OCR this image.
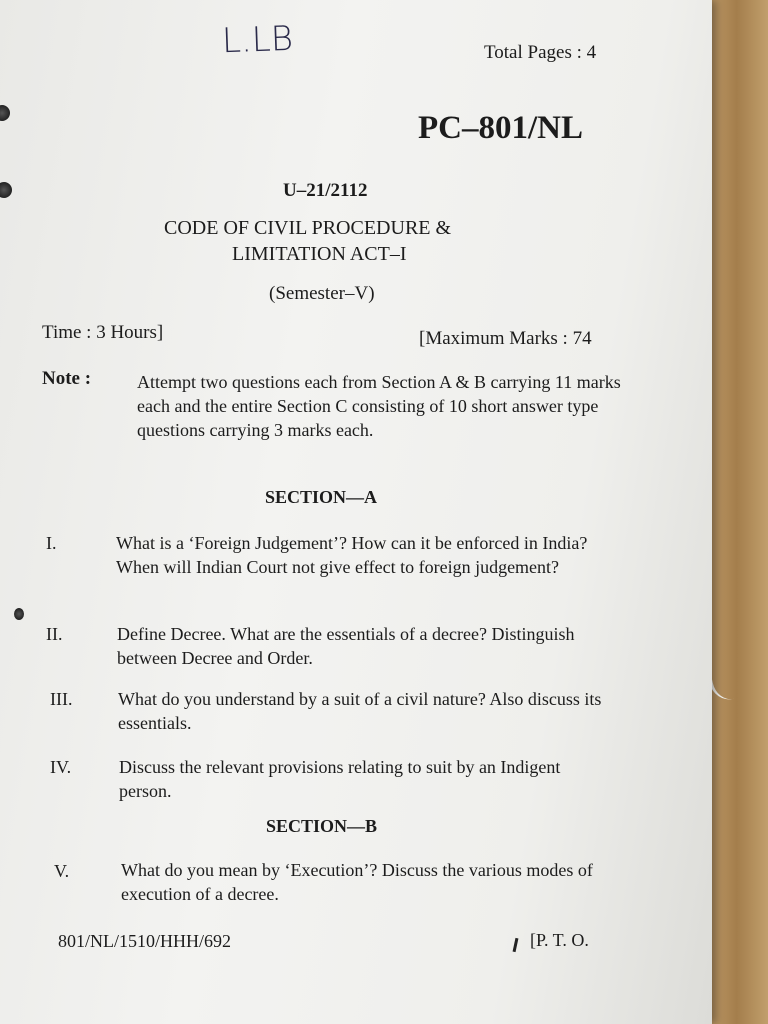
L.LB	Total Pages : 4
PC–801/NL
U–21/2112
CODE OF CIVIL PROCEDURE &
LIMITATION ACT–I
(Semester–V)
Time : 3 Hours]	[Maximum Marks : 74
Note :	Attempt two questions each from Section A & B carrying 11 marks each and the entire Section C consisting of 10 short answer type questions carrying 3 marks each.
SECTION—A
I.	What is a ‘Foreign Judgement’? How can it be enforced in India? When will Indian Court not give effect to foreign judgement?
II.	Define Decree. What are the essentials of a decree? Distinguish between Decree and Order.
III.	What do you understand by a suit of a civil nature? Also discuss its essentials.
IV.	Discuss the relevant provisions relating to suit by an Indigent person.
SECTION—B
V.	What do you mean by ‘Execution’? Discuss the various modes of execution of a decree.
801/NL/1510/HHH/692	[P. T. O.
